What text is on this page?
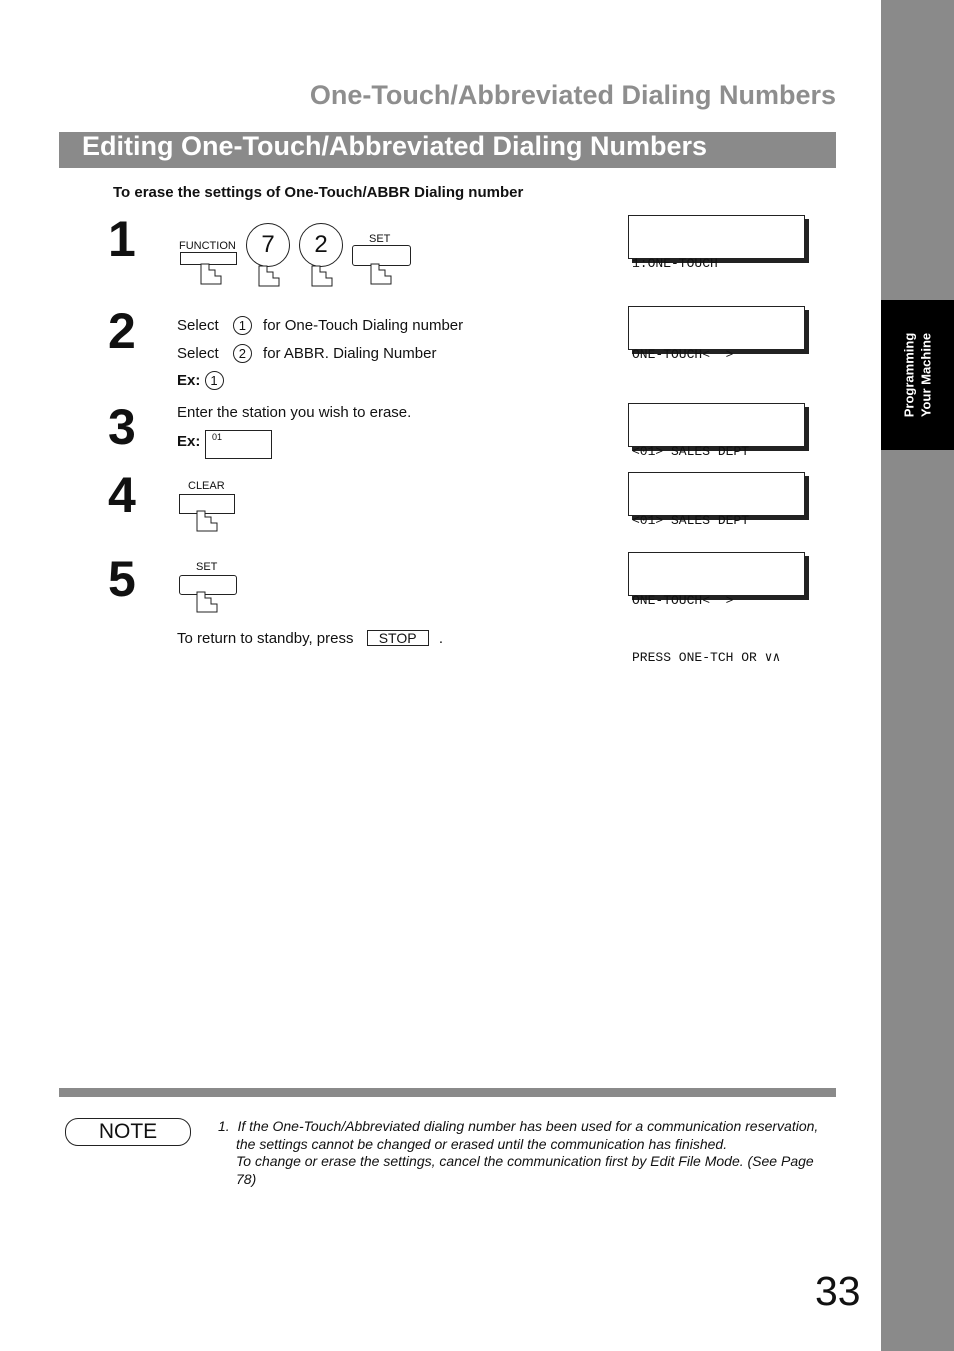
Programming Your Machine
One-Touch/Abbreviated Dialing Numbers
Editing One-Touch/Abbreviated Dialing Numbers
To erase the settings of One-Touch/ABBR Dialing number
1
2
3
4
5
FUNCTION	7	2	SET

1:ONE-TOUCH

Select 1 for One-Touch Dialing number
Select 2 for ABBR. Dialing Number
Ex: 1

ONE-TOUCH<  >

Enter the station you wish to erase.
Ex: 01

<01> SALES DEPT

CLEAR

<01> SALES DEPT

SET

ONE-TOUCH<  >

PRESS ONE-TCH OR ∨∧

To return to standby, press STOP .
NOTE	1. If the One-Touch/Abbreviated dialing number has been used for a communication reservation,
the settings cannot be changed or erased until the communication has finished.
To change or erase the settings, cancel the communication first by Edit File Mode. (See Page
78)
33
